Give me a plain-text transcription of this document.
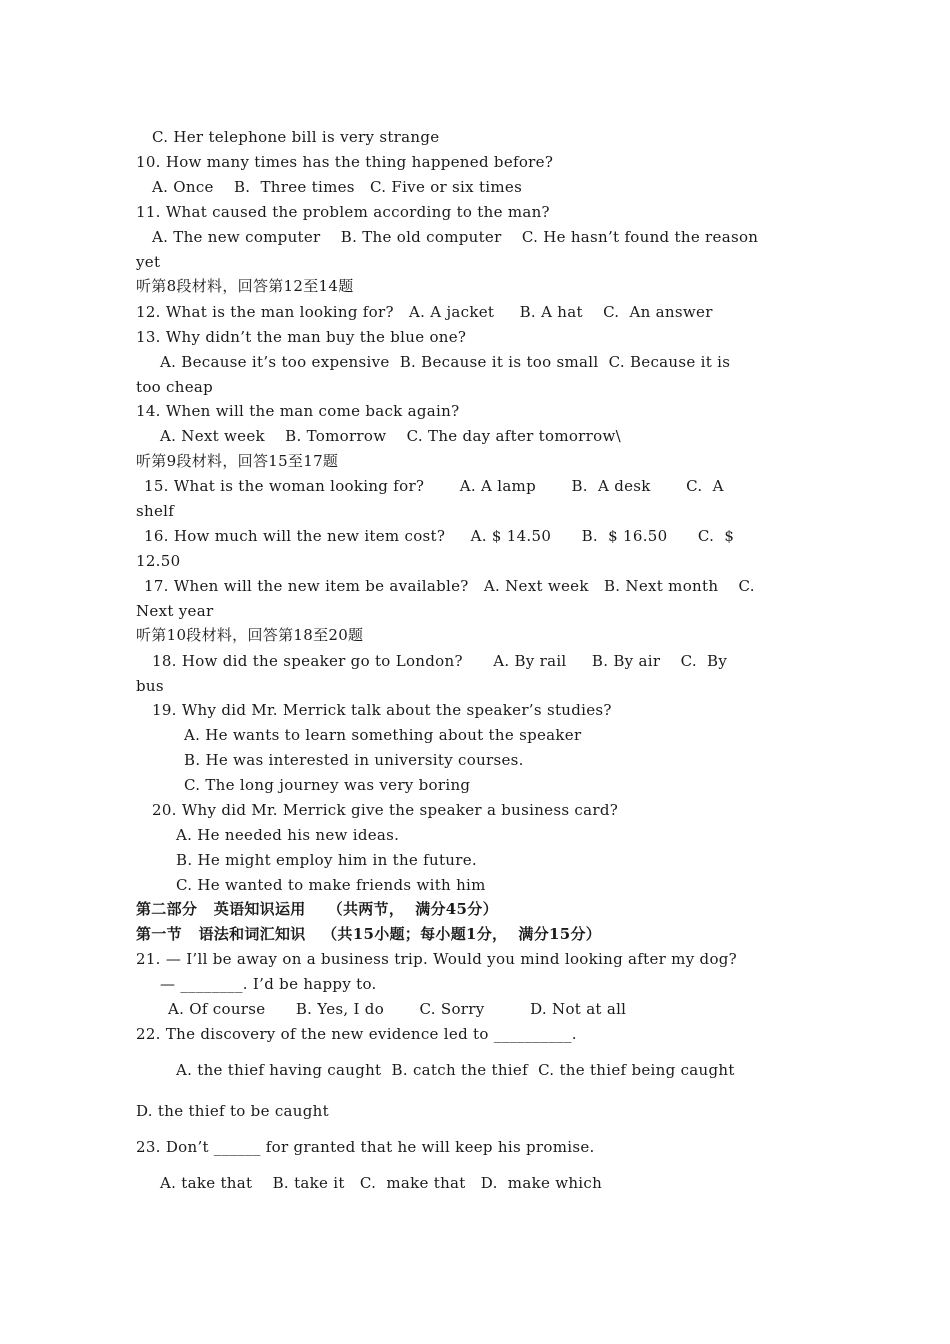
C. Her telephone bill is very strange
10. How many times has the thing happened before?
A. Once    B.  Three times   C. Five or six times
11. What caused the problem according to the man?
A. The new computer    B. The old computer    C. He hasn’t found the reason
yet
听第8段材料，回答第12至14题
12. What is the man looking for?   A. A jacket     B. A hat    C.  An answer
13. Why didn’t the man buy the blue one?
A. Because it’s too expensive  B. Because it is too small  C. Because it is
too cheap
14. When will the man come back again?
A. Next week    B. Tomorrow    C. The day after tomorrow\
听第9段材料，回答15至17题
15. What is the woman looking for?       A. A lamp       B.  A desk       C.  A
shelf
16. How much will the new item cost?     A. $ 14.50      B.  $ 16.50      C.  $
12.50
17. When will the new item be available?   A. Next week   B. Next month    C.
Next year
听第10段材料，回答第18至20题
18. How did the speaker go to London?      A. By rail     B. By air    C.  By
bus
19. Why did Mr. Merrick talk about the speaker’s studies?
A. He wants to learn something about the speaker
B. He was interested in university courses.
C. The long journey was very boring
20. Why did Mr. Merrick give the speaker a business card?
A. He needed his new ideas.
B. He might employ him in the future.
C. He wanted to make friends with him
第二部分   英语知识运用    （共两节，  满分45分）
第一节   语法和词汇知识   （共15小题；每小题1分，  满分15分）
21. — I’ll be away on a business trip. Would you mind looking after my dog?
— ________. I’d be happy to.
A. Of course      B. Yes, I do       C. Sorry         D. Not at all
22. The discovery of the new evidence led to __________.
A. the thief having caught  B. catch the thief  C. the thief being caught
D. the thief to be caught
23. Don’t ______ for granted that he will keep his promise.
A. take that    B. take it   C.  make that   D.  make which
